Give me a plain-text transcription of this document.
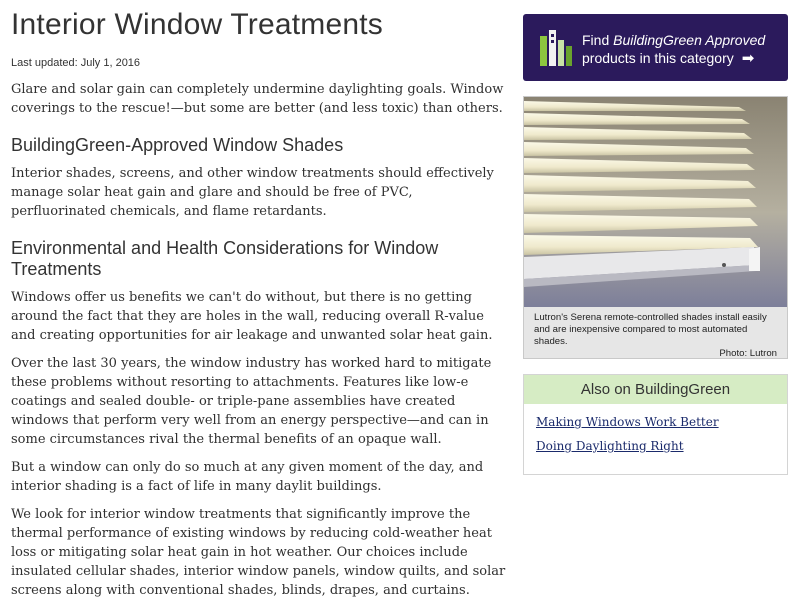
Interior Window Treatments
Last updated: July 1, 2016

Glare and solar gain can completely undermine daylighting goals. Window coverings to the rescue!—but some are better (and less toxic) than others.

BuildingGreen-Approved Window Shades

Interior shades, screens, and other window treatments should effectively manage solar heat gain and glare and should be free of PVC, perfluorinated chemicals, and flame retardants.

Environmental and Health Considerations for Window Treatments

Windows offer us benefits we can't do without, but there is no getting around the fact that they are holes in the wall, reducing overall R-value and creating opportunities for air leakage and unwanted solar heat gain.

Over the last 30 years, the window industry has worked hard to mitigate these problems without resorting to attachments. Features like low-e coatings and sealed double- or triple-pane assemblies have created windows that perform very well from an energy perspective—and can in some circumstances rival the thermal benefits of an opaque wall.

But a window can only do so much at any given moment of the day, and interior shading is a fact of life in many daylit buildings.

We look for interior window treatments that significantly improve the thermal performance of existing windows by reducing cold-weather heat loss or mitigating solar heat gain in hot weather. Our choices include insulated cellular shades, interior window panels, window quilts, and solar screens along with conventional shades, blinds, drapes, and curtains.

Find BuildingGreen Approved
products in this category ➡
Lutron's Serena remote-controlled shades install easily and are inexpensive compared to most automated shades.
Photo: Lutron
Also on BuildingGreen
Making Windows Work Better
Doing Daylighting Right
